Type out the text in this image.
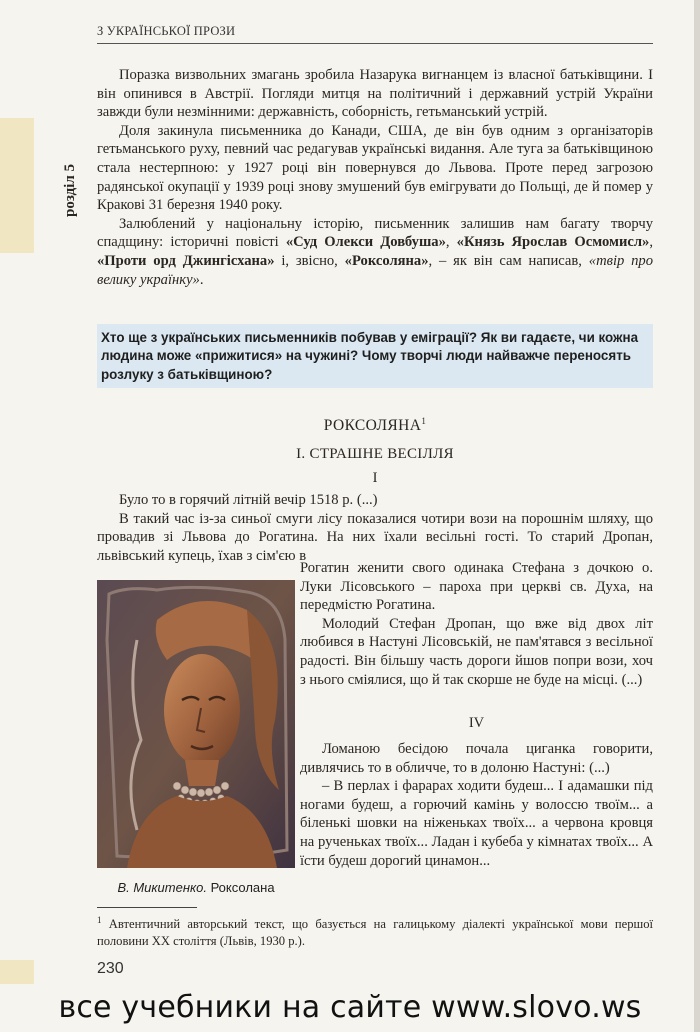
З УКРАЇНСЬКОЇ ПРОЗИ
розділ 5

Поразка визвольних змагань зробила Назарука вигнанцем із власної батьківщини. І він опинився в Австрії. Погляди митця на політичний і державний устрій України завжди були незмінними: державність, соборність, гетьманський устрій.

Доля закинула письменника до Канади, США, де він був одним з організаторів гетьманського руху, певний час редагував українські видання. Але туга за батьківщиною стала нестерпною: у 1927 році він повернувся до Львова. Проте перед загрозою радянської окупації у 1939 році знову змушений був емігрувати до Польщі, де й помер у Кракові 31 березня 1940 року.

Залюблений у національну історію, письменник залишив нам багату творчу спадщину: історичні повісті «Суд Олекси Довбуша», «Князь Ярослав Осмомисл», «Проти орд Джингісхана» і, звісно, «Роксоляна», – як він сам написав, «твір про велику українку».

Хто ще з українських письменників побував у еміграції? Як ви гадаєте, чи кожна людина може «прижитися» на чужині? Чому творчі люди найважче переносять розлуку з батьківщиною?
РОКСОЛЯНА$^1$
І. СТРАШНЕ ВЕСІЛЛЯ
І

Було то в горячий літній вечір 1518 р. (...)

В такий час із-за синьої смуги лісу показалися чотири вози на порошнім шляху, що провадив зі Львова до Рогатина. На них їхали весільні гості. То старий Дропан, львівський купець, їхав з сім'єю в

Рогатин женити свого одинака Стефана з дочкою о. Луки Лісовського – пароха при церкві св. Духа, на передмістю Рогатина.

Молодий Стефан Дропан, що вже від двох літ любився в Настуні Лісовській, не пам'ятався з весільної радості. Він більшу часть дороги йшов попри вози, хоч з нього сміялися, що й так скорше не буде на місці. (...)

IV

Ломаною бесідою почала циганка говорити, дивлячись то в обличче, то в долоню Настуні: (...)

– В перлах і фарарах ходити будеш... І адамашки під ногами будеш, а горючий камінь у волоссю твоїм... а біленькі шовки на ніженьках твоїх... а червона кровця на рученьках твоїх... Ладан і кубеба у кімнатах твоїх... А їсти будеш дорогий цинамон...

В. Микитенко. Роксолана
$^1$ Автентичний авторський текст, що базується на галицькому діалекті української мови першої половини XX століття (Львів, 1930 р.).
230
все учебники на сайте www.slovo.ws
